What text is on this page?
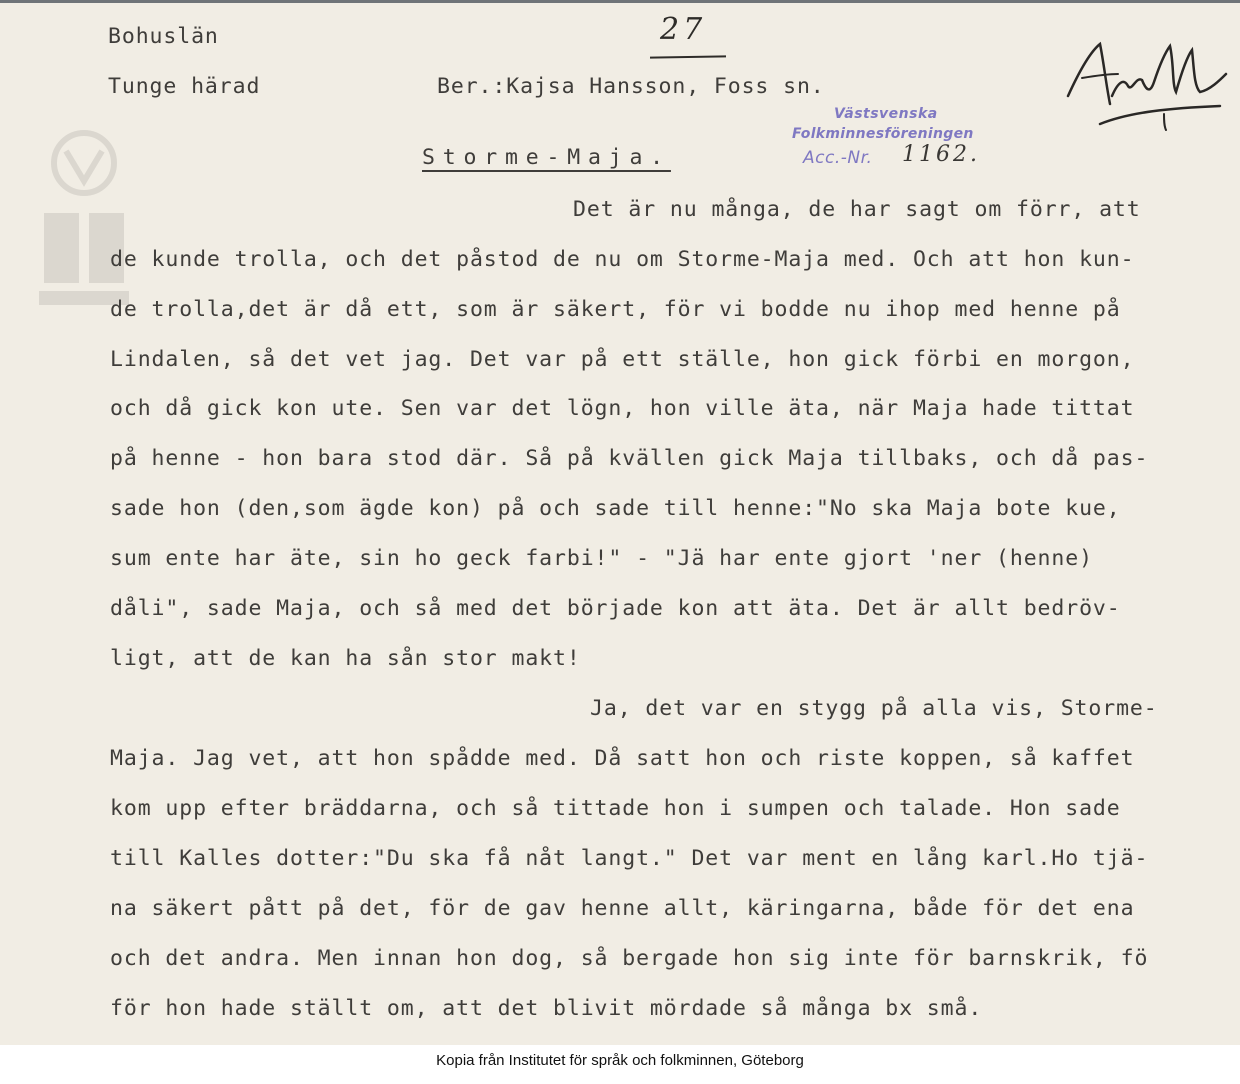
Bohuslän
Tunge härad	Ber.:Kajsa Hansson, Foss sn.
27
Västsvenska
Folkminnesföreningen
Acc.-Nr. 1162.
Storme-Maja.
Det är nu många, de har sagt om förr, att
de kunde trolla, och det påstod de nu om Storme-Maja med. Och att hon kun-
de trolla,det är då ett, som är säkert, för vi bodde nu ihop med henne på
Lindalen, så det vet jag. Det var på ett ställe, hon gick förbi en morgon,
och då gick kon ute. Sen var det lögn, hon ville äta, när Maja hade tittat
på henne - hon bara stod där. Så på kvällen gick Maja tillbaks, och då pas-
sade hon (den,som ägde kon) på och sade till henne:"No ska Maja bote kue,
sum ente har äte, sin ho geck farbi!" - "Jä har ente gjort 'ner (henne)
dåli", sade Maja, och så med det började kon att äta. Det är allt bedröv-
ligt, att de kan ha sån stor makt!
Ja, det var en stygg på alla vis, Storme-
Maja. Jag vet, att hon spådde med. Då satt hon och riste koppen, så kaffet
kom upp efter bräddarna, och så tittade hon i sumpen och talade. Hon sade
till Kalles dotter:"Du ska få nåt langt." Det var ment en lång karl.Ho tjä-
na säkert pått på det, för de gav henne allt, käringarna, både för det ena
och det andra. Men innan hon dog, så bergade hon sig inte för barnskrik, fö
för hon hade ställt om, att det blivit mördade så många bx små.
Kopia från Institutet för språk och folkminnen, Göteborg
